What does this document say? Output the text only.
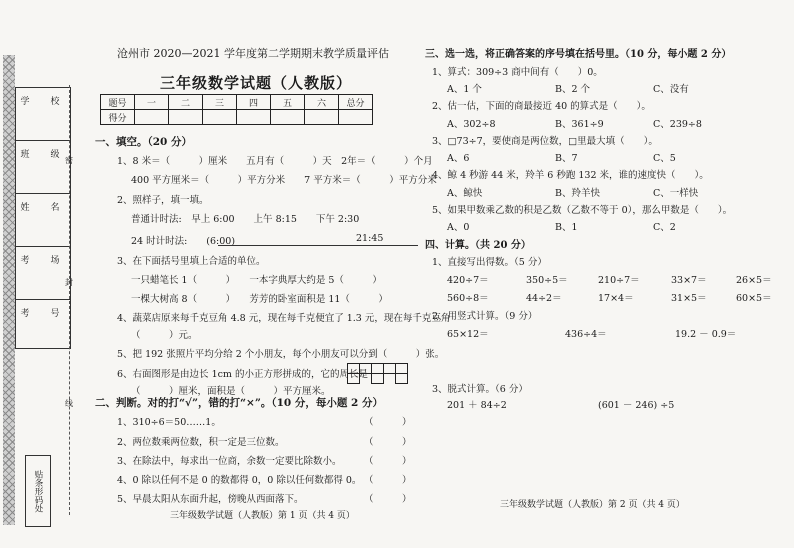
学　校
班　级
姓　名
考　场
考　号
密
封
线
贴条形码处
沧州市 2020—2021 学年度第二学期期末教学质量评估
三年级数学试题（人教版）
题号	一	二	三	四	五	六	总分
得分							
一、填空。（20 分）
1、8 米＝（　　　）厘米　　五月有（　　　）天　2年＝（　　　）个月
400 平方厘米＝（　　　）平方分米　　7 平方米＝（　　　）平方分米
2、照样子，填一填。
普通计时法:　早上 6:00　　上午 8:15　　下午 2:30
24 时计时法:　　(6:00)	21:45
3、在下面括号里填上合适的单位。
一只蜡笔长 1（　　　）　　一本字典厚大约是 5（　　　）
一棵大树高 8（　　　）　　芳芳的卧室面积是 11（　　　）
4、蔬菜店原来每千克豆角 4.8 元，现在每千克便宜了 1.3 元，现在每千克豆角
（　　　）元。
5、把 192 张照片平均分给 2 个小朋友，每个小朋友可以分到（　　　）张。
6、右面图形是由边长 1cm 的小正方形拼成的，它的周长是
（　　　）厘米，面积是（　　　）平方厘米。
二、判断。对的打“√”，错的打“×”。（10 分，每小题 2 分）
1、310÷6＝50……1。	（　　　）
2、两位数乘两位数，积一定是三位数。	（　　　）
3、在除法中，每求出一位商，余数一定要比除数小。 （　　　）
4、0 除以任何不是 0 的数都得 0，0 除以任何数都得 0。 （　　　）
5、早晨太阳从东面升起，傍晚从西面落下。	（　　　）
三年级数学试题（人教版）第 1 页（共 4 页）
三、选一选，将正确答案的序号填在括号里。（10 分，每小题 2 分）
1、算式：309÷3 商中间有（　　）0。
A、1 个	B、2 个	C、没有
2、估一估，下面的商最接近 40 的算式是（　　）。
A、302÷8	B、361÷9	C、239÷8
3、□73÷7，要使商是两位数，□里最大填（　　）。
A、6	B、7	C、5
4、鲸 4 秒游 44 米，羚羊 6 秒跑 132 米，谁的速度快（　　）。
A、鲸快	B、羚羊快	C、一样快
5、如果甲数乘乙数的积是乙数（乙数不等于 0），那么甲数是（　　）。
A、0	B、1	C、2
四、计算。（共 20 分）
1、直接写出得数。（5 分）
420÷7＝	350÷5＝	210÷7＝	33×7＝	26×5＝
560÷8＝	44÷2＝	17×4＝	31×5＝	60×5＝
2、用竖式计算。（9 分）
65×12＝	436÷4＝	19.2 － 0.9＝
3、脱式计算。（6 分）
201 ＋ 84÷2	(601 － 246) ÷5
三年级数学试题（人教版）第 2 页（共 4 页）
